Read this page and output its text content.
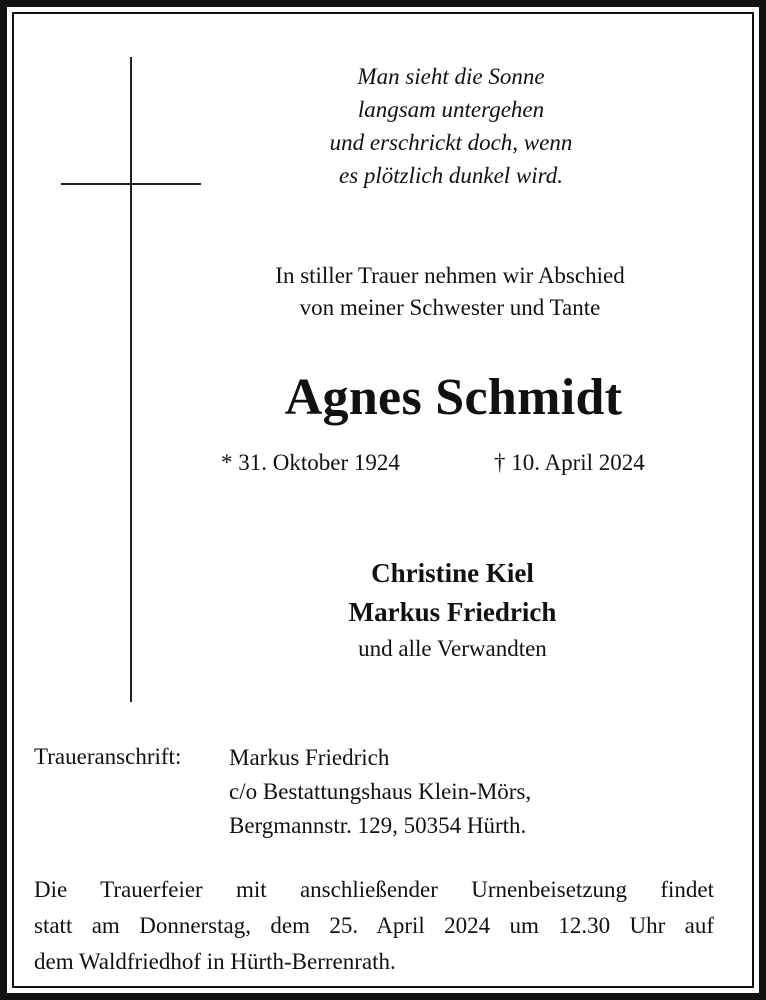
Man sieht die Sonne
langsam untergehen
und erschrickt doch, wenn
es plötzlich dunkel wird.
In stiller Trauer nehmen wir Abschied
von meiner Schwester und Tante
Agnes Schmidt
* 31. Oktober 1924	† 10. April 2024
Christine Kiel
Markus Friedrich
und alle Verwandten
Traueranschrift: Markus Friedrich
c/o Bestattungshaus Klein-Mörs,
Bergmannstr. 129, 50354 Hürth.
Die Trauerfeier mit anschließender Urnenbeisetzung findet
statt am Donnerstag, dem 25. April 2024 um 12.30 Uhr auf
dem Waldfriedhof in Hürth-Berrenrath.
